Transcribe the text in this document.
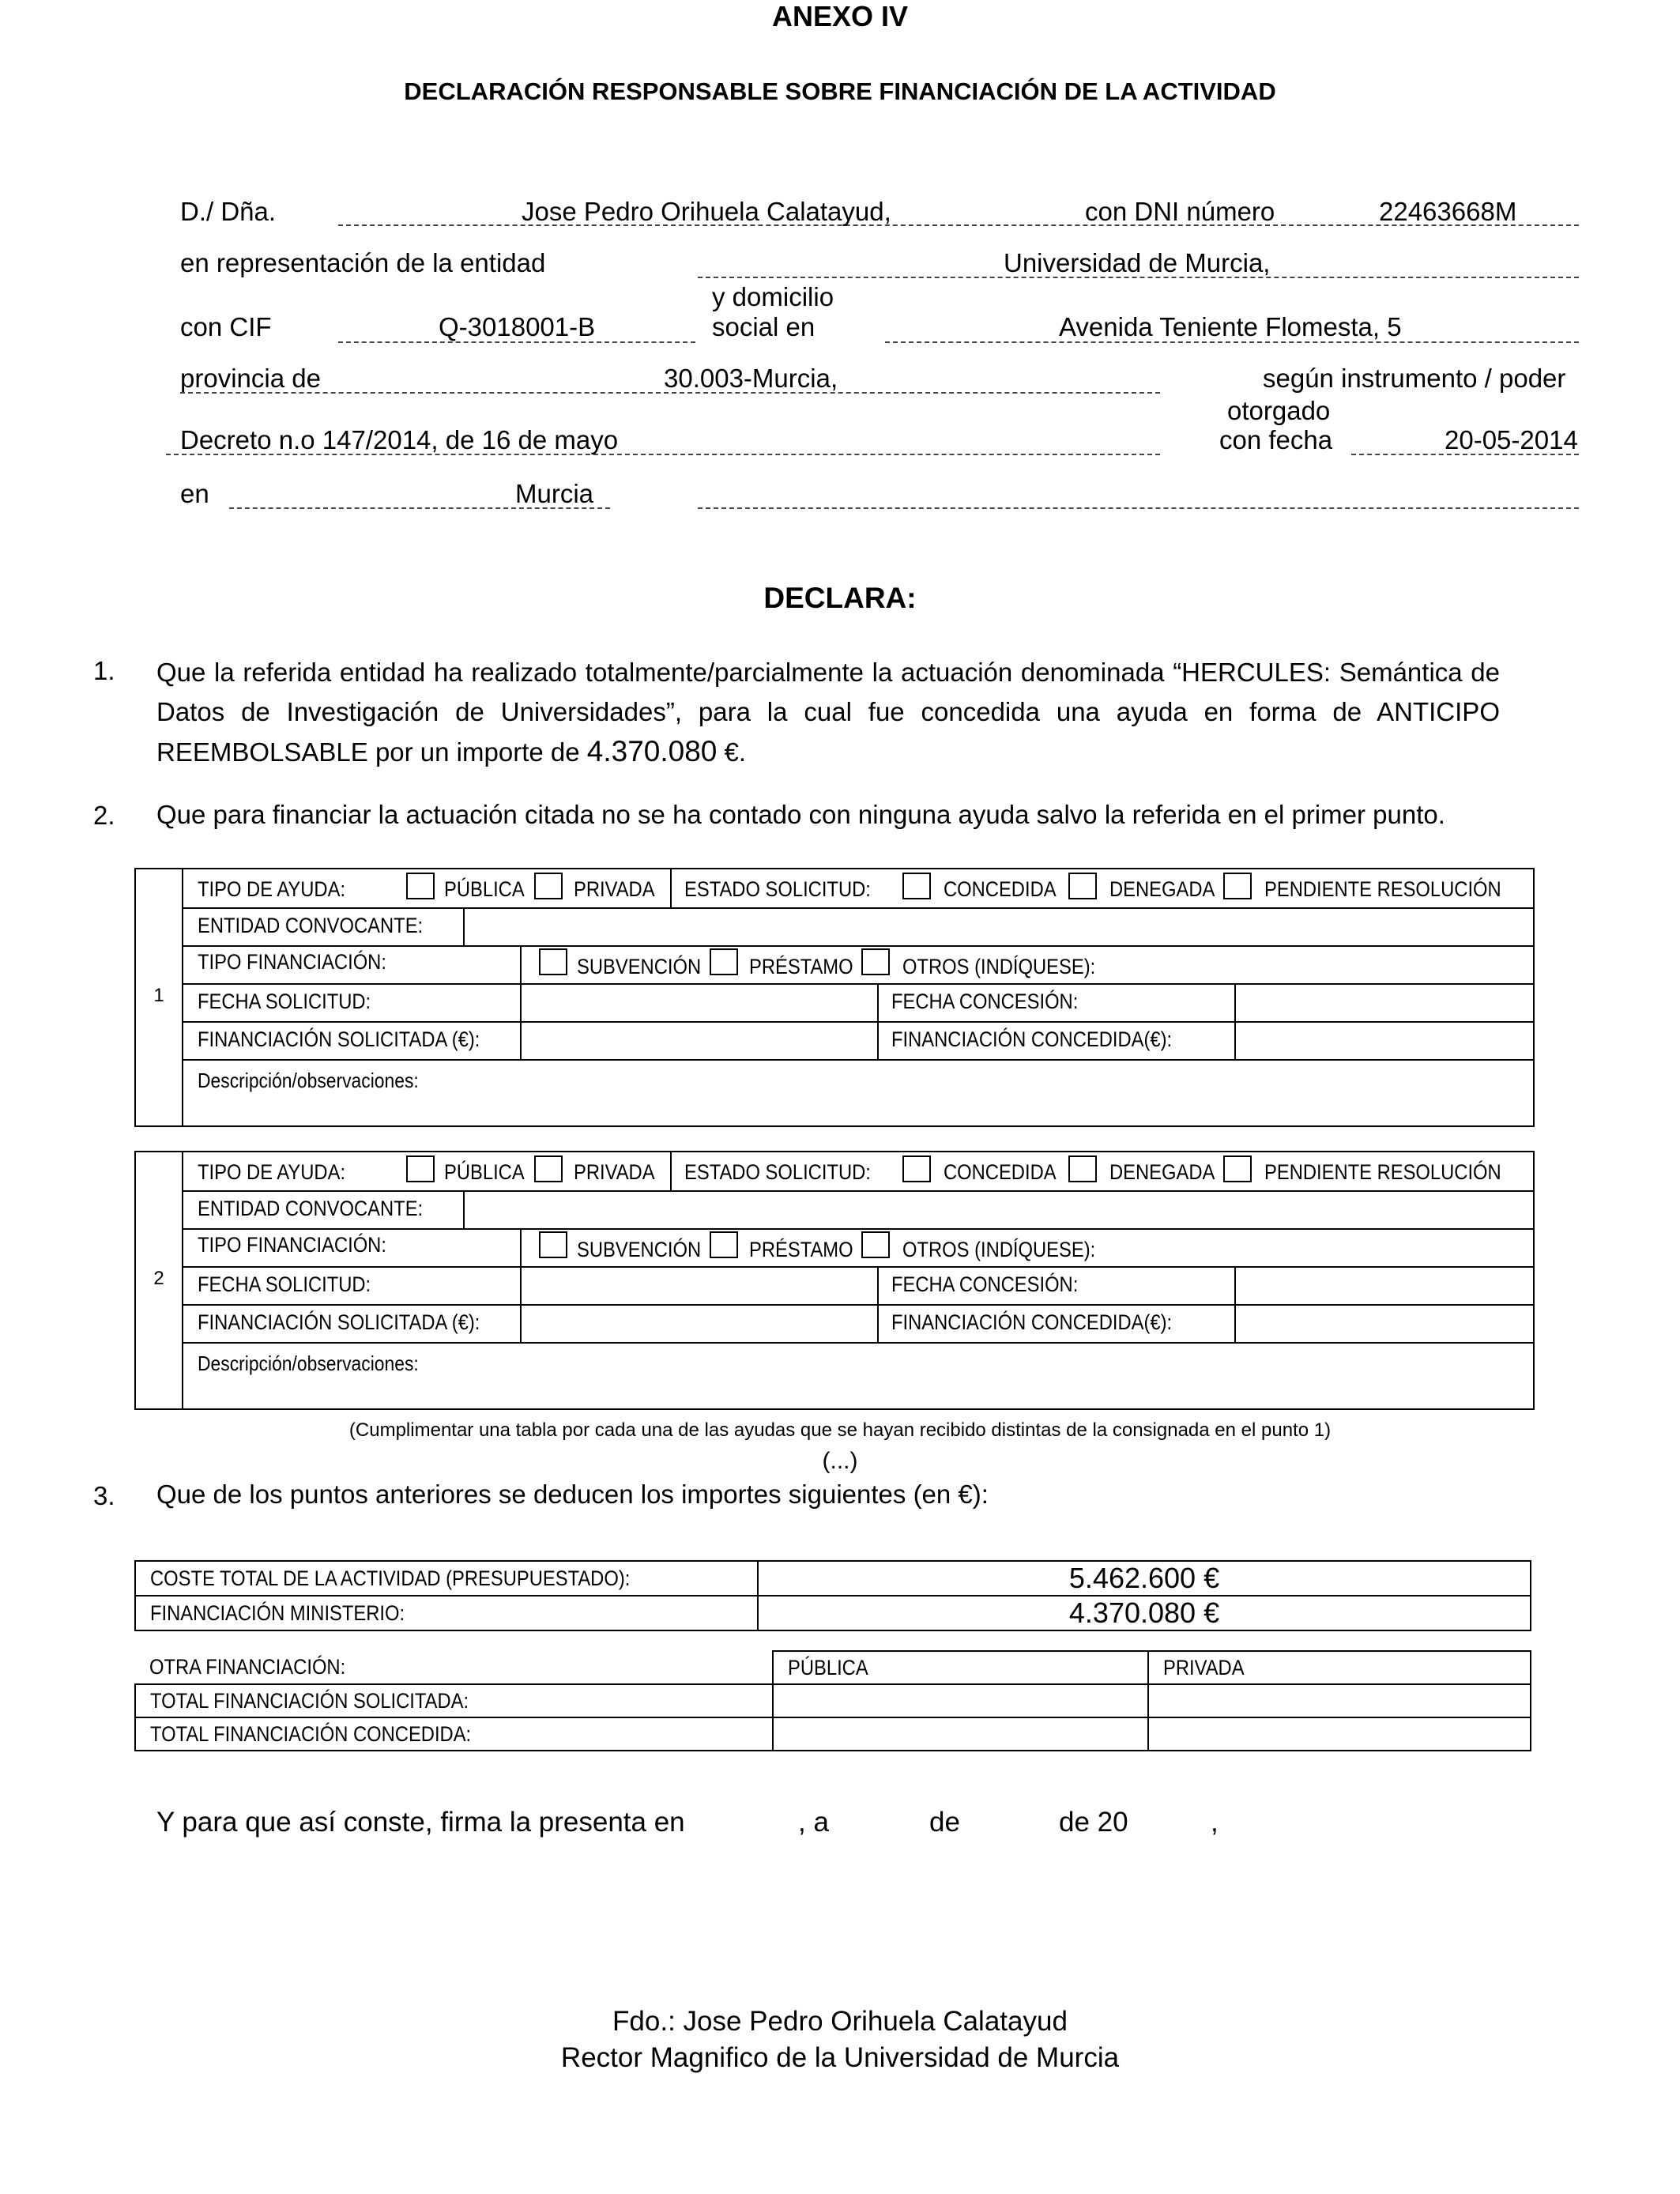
ANEXO IV
DECLARACIÓN RESPONSABLE SOBRE FINANCIACIÓN DE LA ACTIVIDAD
D./ Dña.	Jose Pedro Orihuela Calatayud,	con DNI número	22463668M
en representación de la entidad	Universidad de Murcia,
con CIF	Q-3018001-B
y domicilio
social en	Avenida Teniente Flomesta, 5
provincia de	30.003-Murcia,	según instrumento / poder
otorgado
Decreto n.o 147/2014, de 16 de mayo	con fecha	20-05-2014
en	Murcia
DECLARA:
1. Que la referida entidad ha realizado totalmente/parcialmente la actuación denominada “HERCULES: Semántica de Datos de Investigación de Universidades”, para la cual fue concedida una ayuda en forma de ANTICIPO REEMBOLSABLE por un importe de 4.370.080 €.
2. Que para financiar la actuación citada no se ha contado con ninguna ayuda salvo la referida en el primer punto.
1
TIPO DE AYUDA:	PÚBLICA PRIVADA ESTADO SOLICITUD:	CONCEDIDA DENEGADA PENDIENTE RESOLUCIÓN
ENTIDAD CONVOCANTE:
TIPO FINANCIACIÓN:	SUBVENCIÓN PRÉSTAMO OTROS (INDÍQUESE):
FECHA SOLICITUD:	FECHA CONCESIÓN:
FINANCIACIÓN SOLICITADA (€):	FINANCIACIÓN CONCEDIDA(€):
Descripción/observaciones:
2
TIPO DE AYUDA:	PÚBLICA PRIVADA ESTADO SOLICITUD:	CONCEDIDA DENEGADA PENDIENTE RESOLUCIÓN
ENTIDAD CONVOCANTE:
TIPO FINANCIACIÓN:	SUBVENCIÓN PRÉSTAMO OTROS (INDÍQUESE):
FECHA SOLICITUD:	FECHA CONCESIÓN:
FINANCIACIÓN SOLICITADA (€):	FINANCIACIÓN CONCEDIDA(€):
Descripción/observaciones:
(Cumplimentar una tabla por cada una de las ayudas que se hayan recibido distintas de la consignada en el punto 1)
(...)
3. Que de los puntos anteriores se deducen los importes siguientes (en €):
COSTE TOTAL DE LA ACTIVIDAD (PRESUPUESTADO):	5.462.600 €
FINANCIACIÓN MINISTERIO:	4.370.080 €
OTRA FINANCIACIÓN:	PÚBLICA	PRIVADA
TOTAL FINANCIACIÓN SOLICITADA:		
TOTAL FINANCIACIÓN CONCEDIDA:		
Y para que así conste, firma la presenta en	, a	de	de 20	,
Fdo.: Jose Pedro Orihuela Calatayud
Rector Magnifico de la Universidad de Murcia
